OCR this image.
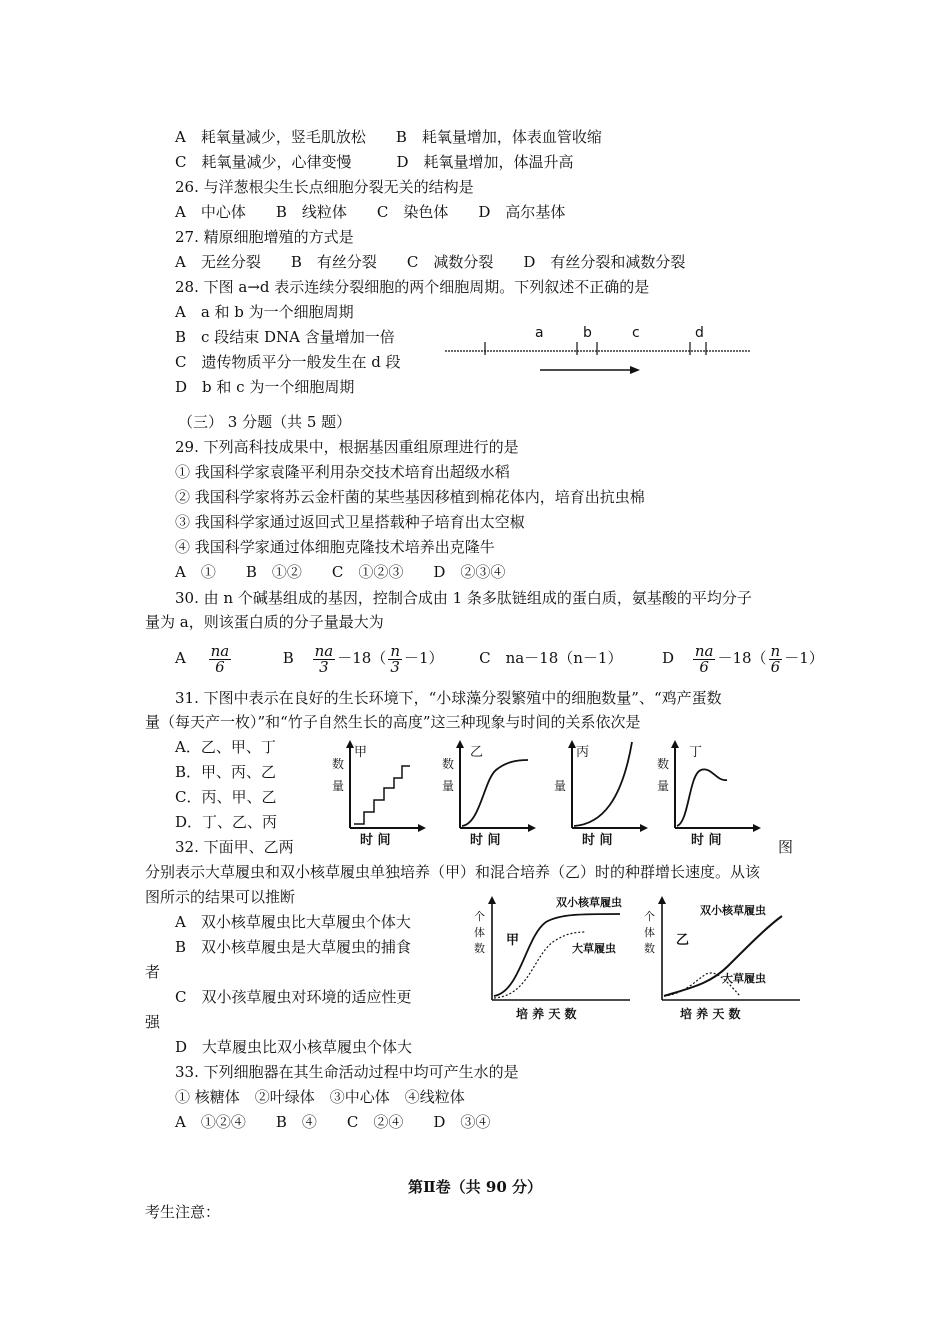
A　耗氧量减少，竖毛肌放松　　B　耗氧量增加，体表血管收缩
C　耗氧量减少，心律变慢　　　D　耗氧量增加，体温升高
26. 与洋葱根尖生长点细胞分裂无关的结构是
A　中心体　　B　线粒体　　C　染色体　　D　高尔基体
27. 精原细胞增殖的方式是
A　无丝分裂　　B　有丝分裂　　C　减数分裂　　D　有丝分裂和减数分裂
28. 下图 a→d 表示连续分裂细胞的两个细胞周期。下列叙述不正确的是
A　a 和 b 为一个细胞周期
B　c 段结束 DNA 含量增加一倍
C　遗传物质平分一般发生在 d 段
D　b 和 c 为一个细胞周期
a	b	c	d
（三） 3 分题（共 5 题）
29. 下列高科技成果中，根据基因重组原理进行的是
① 我国科学家袁隆平利用杂交技术培育出超级水稻
② 我国科学家将苏云金杆菌的某些基因移植到棉花体内，培育出抗虫棉
③ 我国科学家通过返回式卫星搭载种子培育出太空椒
④ 我国科学家通过体细胞克隆技术培养出克隆牛
A　①　　B　①②　　C　①②③　　D　②③④
30. 由 n 个碱基组成的基因，控制合成由 1 条多肽链组成的蛋白质，氨基酸的平均分子
量为 a，则该蛋白质的分子量最大为
A $\frac{na}{6}$	B $\frac{na}{3} -18( \frac{n}{3} -1)$ C　na－18（n－1）	D $\frac{na}{6} -18( \frac{n}{6} -1)$
31. 下图中表示在良好的生长环境下，“小球藻分裂繁殖中的细胞数量”、“鸡产蛋数
量（每天产一枚）”和“竹子自然生长的高度”这三种现象与时间的关系依次是
A．乙、甲、丁
B．甲、丙、乙
C．丙、甲、乙
D．丁、乙、丙
甲
数
量
时 间
乙
数
量
时 间
丙
量
时 间
丁
数
量
时 间
32. 下面甲、乙两	图
分别表示大草履虫和双小核草履虫单独培养（甲）和混合培养（乙）时的种群增长速度。从该
图所示的结果可以推断
A　双小核草履虫比大草履虫个体大
B　双小核草履虫是大草履虫的捕食
者
C　双小孩草履虫对环境的适应性更
强
D　大草履虫比双小核草履虫个体大
个
体
数
甲
双小核草履虫
大草履虫
培 养 天 数
个
体
数
乙
双小核草履虫
大草履虫
培 养 天 数
33. 下列细胞器在其生命活动过程中均可产生水的是
① 核糖体　②叶绿体　③中心体　④线粒体
A　①②④　　B　④　　C　②④　　D　③④
第Ⅱ卷（共 90 分）
考生注意：
